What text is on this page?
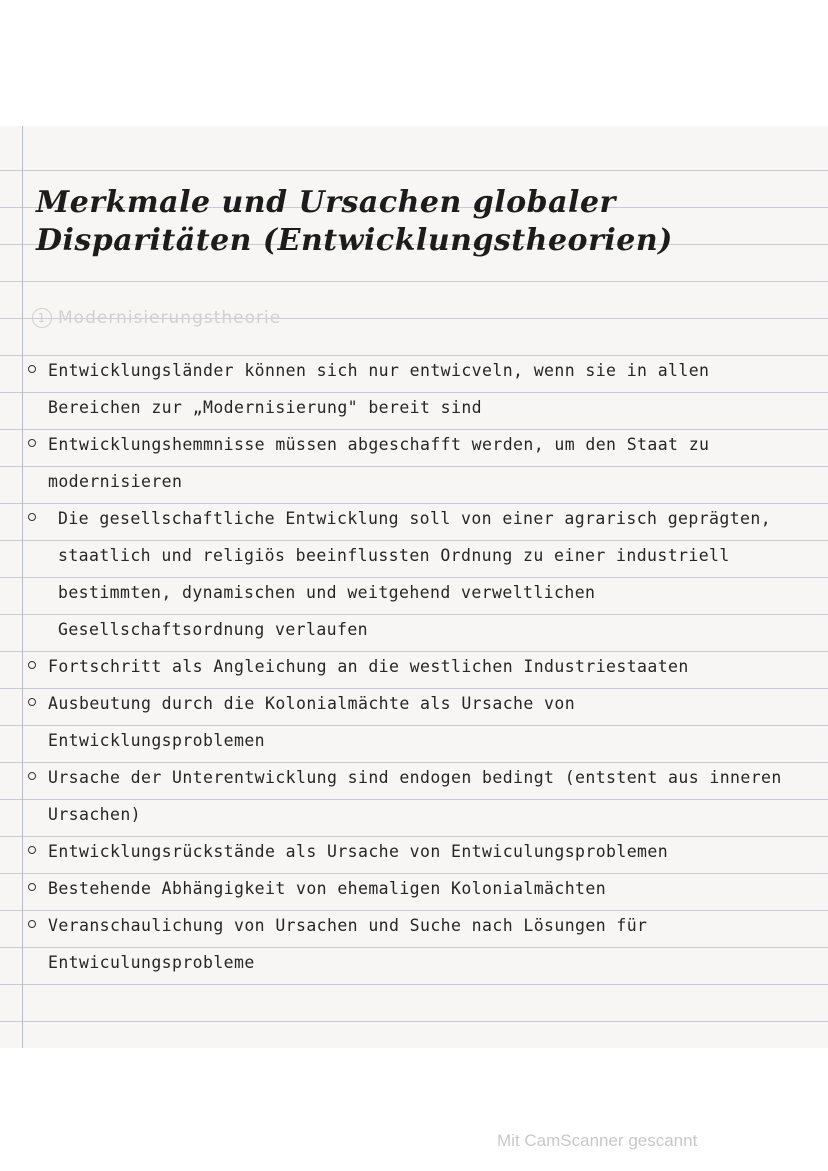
Merkmale und Ursachen globaler
Disparitäten (Entwicklungstheorien)
1 Modernisierungstheorie
Entwicklungsländer können sich nur entwicveln, wenn sie in allen Bereichen zur „Modernisierung" bereit sind
Entwicklungshemmnisse müssen abgeschafft werden, um den Staat zu modernisieren
Die gesellschaftliche Entwicklung soll von einer agrarisch geprägten, staatlich und religiös beeinflussten Ordnung zu einer industriell bestimmten, dynamischen und weitgehend verweltlichen Gesellschaftsordnung verlaufen
Fortschritt als Angleichung an die westlichen Industriestaaten
Ausbeutung durch die Kolonialmächte als Ursache von Entwicklungsproblemen
Ursache der Unterentwicklung sind endogen bedingt (entstent aus inneren Ursachen)
Entwicklungsrückstände als Ursache von Entwiculungsproblemen
Bestehende Abhängigkeit von ehemaligen Kolonialmächten
Veranschaulichung von Ursachen und Suche nach Lösungen für Entwiculungsprobleme
Mit CamScanner gescannt
